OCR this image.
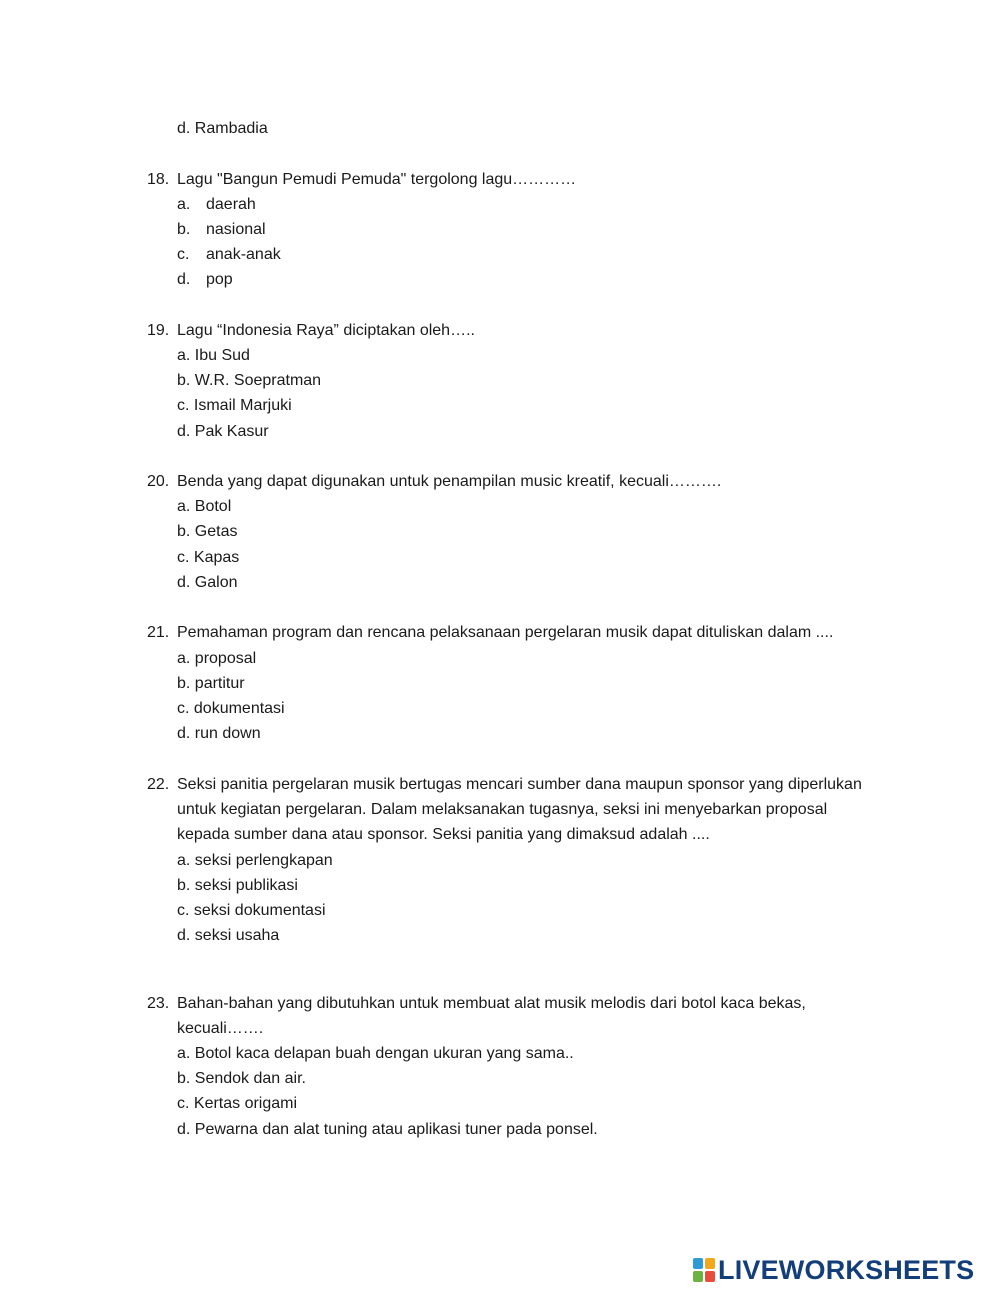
d. Rambadia
18. Lagu "Bangun Pemudi Pemuda" tergolong lagu…………
a. daerah
b. nasional
c. anak-anak
d. pop
19. Lagu “Indonesia Raya” diciptakan oleh…..
a. Ibu Sud
b. W.R. Soepratman
c. Ismail Marjuki
d. Pak Kasur
20. Benda yang dapat digunakan untuk penampilan music kreatif, kecuali……….
a. Botol
b. Getas
c. Kapas
d. Galon
21. Pemahaman program dan rencana pelaksanaan pergelaran musik dapat dituliskan dalam ....
a. proposal
b. partitur
c. dokumentasi
d. run down
22. Seksi panitia pergelaran musik bertugas mencari sumber dana maupun sponsor yang diperlukan
untuk kegiatan pergelaran. Dalam melaksanakan tugasnya, seksi ini menyebarkan proposal
kepada sumber dana atau sponsor. Seksi panitia yang dimaksud adalah ....
a. seksi perlengkapan
b. seksi publikasi
c. seksi dokumentasi
d. seksi usaha
23. Bahan-bahan yang dibutuhkan untuk membuat alat musik melodis dari botol kaca bekas,
kecuali…….
a. Botol kaca delapan buah dengan ukuran yang sama..
b. Sendok dan air.
c. Kertas origami
d. Pewarna dan alat tuning atau aplikasi tuner pada ponsel.
LIVEWORKSHEETS
